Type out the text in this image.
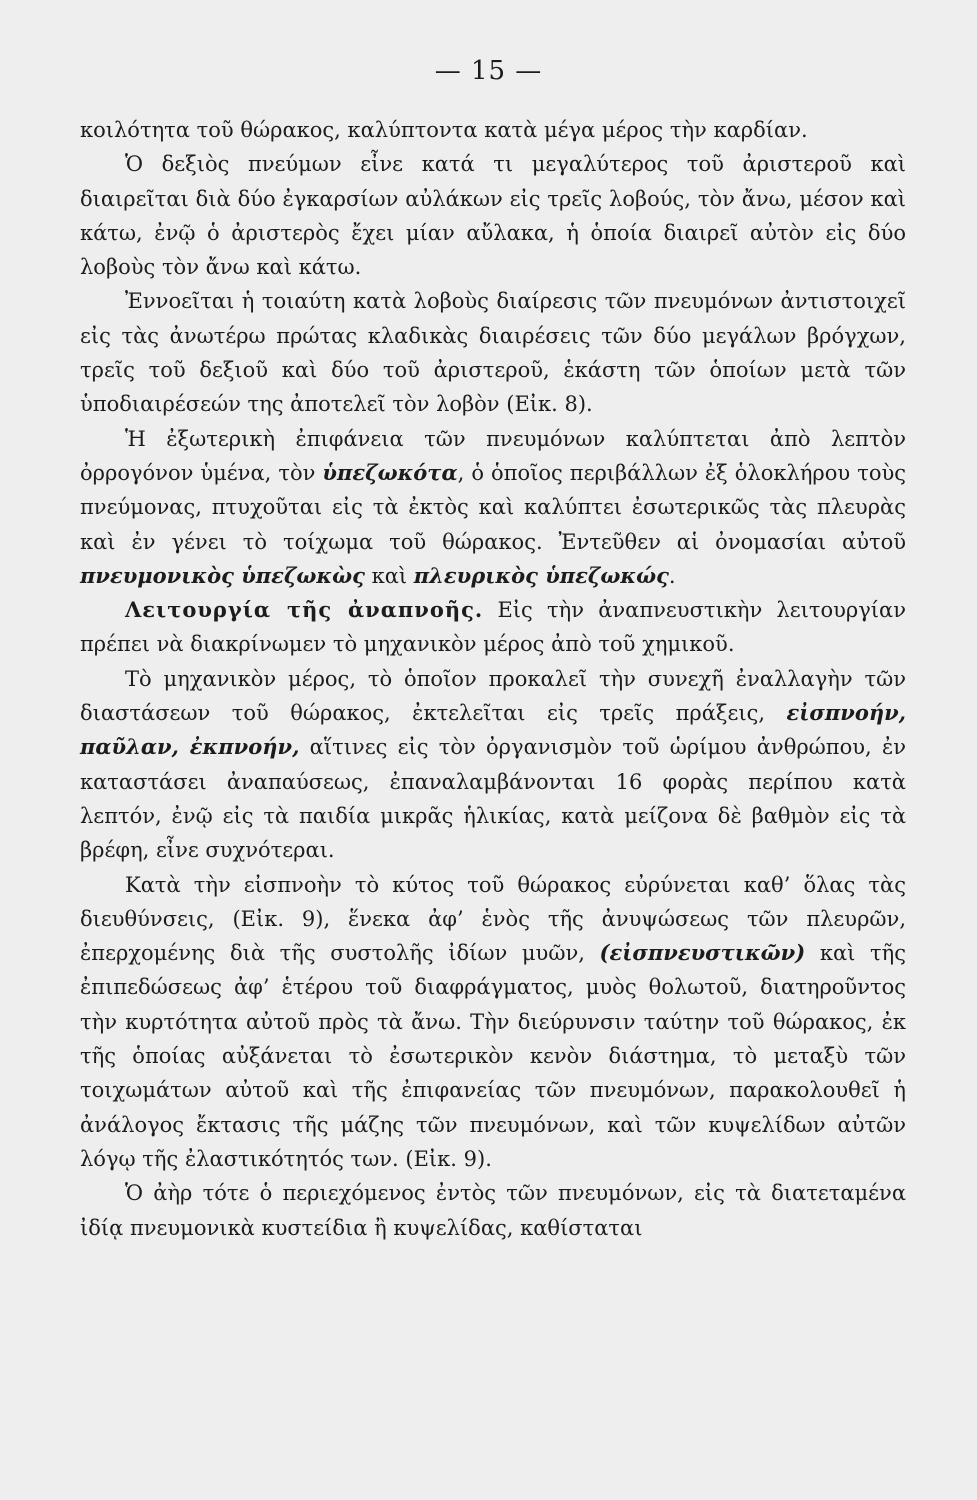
— 15 —

κοιλότητα τοῦ θώρακος, καλύπτοντα κατὰ μέγα μέρος τὴν καρδίαν.

Ὁ δεξιὸς πνεύμων εἶνε κατά τι μεγαλύτερος τοῦ ἀριστεροῦ καὶ διαιρεῖται διὰ δύο ἐγκαρσίων αὐλάκων εἰς τρεῖς λοβούς, τὸν ἄνω, μέσον καὶ κάτω, ἐνῷ ὁ ἀριστερὸς ἔχει μίαν αὔλακα, ἡ ὁποία διαιρεῖ αὐτὸν εἰς δύο λοβοὺς τὸν ἄνω καὶ κάτω.

Ἐννοεῖται ἡ τοιαύτη κατὰ λοβοὺς διαίρεσις τῶν πνευμόνων ἀντιστοιχεῖ εἰς τὰς ἀνωτέρω πρώτας κλαδικὰς διαιρέσεις τῶν δύο μεγάλων βρόγχων, τρεῖς τοῦ δεξιοῦ καὶ δύο τοῦ ἀριστεροῦ, ἑκάστη τῶν ὁποίων μετὰ τῶν ὑποδιαιρέσεών της ἀποτελεῖ τὸν λοβὸν (Εἰκ. 8).

Ἡ ἐξωτερικὴ ἐπιφάνεια τῶν πνευμόνων καλύπτεται ἀπὸ λεπτὸν ὀρρογόνον ὑμένα, τὸν ὑπεζωκότα, ὁ ὁποῖος περιβάλλων ἐξ ὁλοκλήρου τοὺς πνεύμονας, πτυχοῦται εἰς τὰ ἐκτὸς καὶ καλύπτει ἐσωτερικῶς τὰς πλευρὰς καὶ ἐν γένει τὸ τοίχωμα τοῦ θώρακος. Ἐντεῦθεν αἱ ὀνομασίαι αὐτοῦ πνευμονικὸς ὑπεζωκὼς καὶ πλευρικὸς ὑπεζωκώς.

Λειτουργία τῆς ἀναπνοῆς. Εἰς τὴν ἀναπνευστικὴν λειτουργίαν πρέπει νὰ διακρίνωμεν τὸ μηχανικὸν μέρος ἀπὸ τοῦ χημικοῦ.

Τὸ μηχανικὸν μέρος, τὸ ὁποῖον προκαλεῖ τὴν συνεχῆ ἐναλλαγὴν τῶν διαστάσεων τοῦ θώρακος, ἐκτελεῖται εἰς τρεῖς πράξεις, εἰσπνοήν, παῦλαν, ἐκπνοήν, αἵτινες εἰς τὸν ὀργανισμὸν τοῦ ὡρίμου ἀνθρώπου, ἐν καταστάσει ἀναπαύσεως, ἐπαναλαμβάνονται 16 φορὰς περίπου κατὰ λεπτόν, ἐνῷ εἰς τὰ παιδία μικρᾶς ἡλικίας, κατὰ μείζονα δὲ βαθμὸν εἰς τὰ βρέφη, εἶνε συχνότεραι.

Κατὰ τὴν εἰσπνοὴν τὸ κύτος τοῦ θώρακος εὐρύνεται καθ’ ὅλας τὰς διευθύνσεις, (Εἰκ. 9), ἕνεκα ἀφ’ ἑνὸς τῆς ἀνυψώσεως τῶν πλευρῶν, ἐπερχομένης διὰ τῆς συστολῆς ἰδίων μυῶν, (εἰσπνευστικῶν) καὶ τῆς ἐπιπεδώσεως ἀφ’ ἑτέρου τοῦ διαφράγματος, μυὸς θολωτοῦ, διατηροῦντος τὴν κυρτότητα αὐτοῦ πρὸς τὰ ἄνω. Τὴν διεύρυνσιν ταύτην τοῦ θώρακος, ἐκ τῆς ὁποίας αὐξάνεται τὸ ἐσωτερικὸν κενὸν διάστημα, τὸ μεταξὺ τῶν τοιχωμάτων αὐτοῦ καὶ τῆς ἐπιφανείας τῶν πνευμόνων, παρακολουθεῖ ἡ ἀνάλογος ἔκτασις τῆς μάζης τῶν πνευμόνων, καὶ τῶν κυψελίδων αὐτῶν λόγῳ τῆς ἐλαστικότητός των. (Εἰκ. 9).

Ὁ ἀὴρ τότε ὁ περιεχόμενος ἐντὸς τῶν πνευμόνων, εἰς τὰ διατεταμένα ἰδίᾳ πνευμονικὰ κυστείδια ἢ κυψελίδας, καθίσταται
